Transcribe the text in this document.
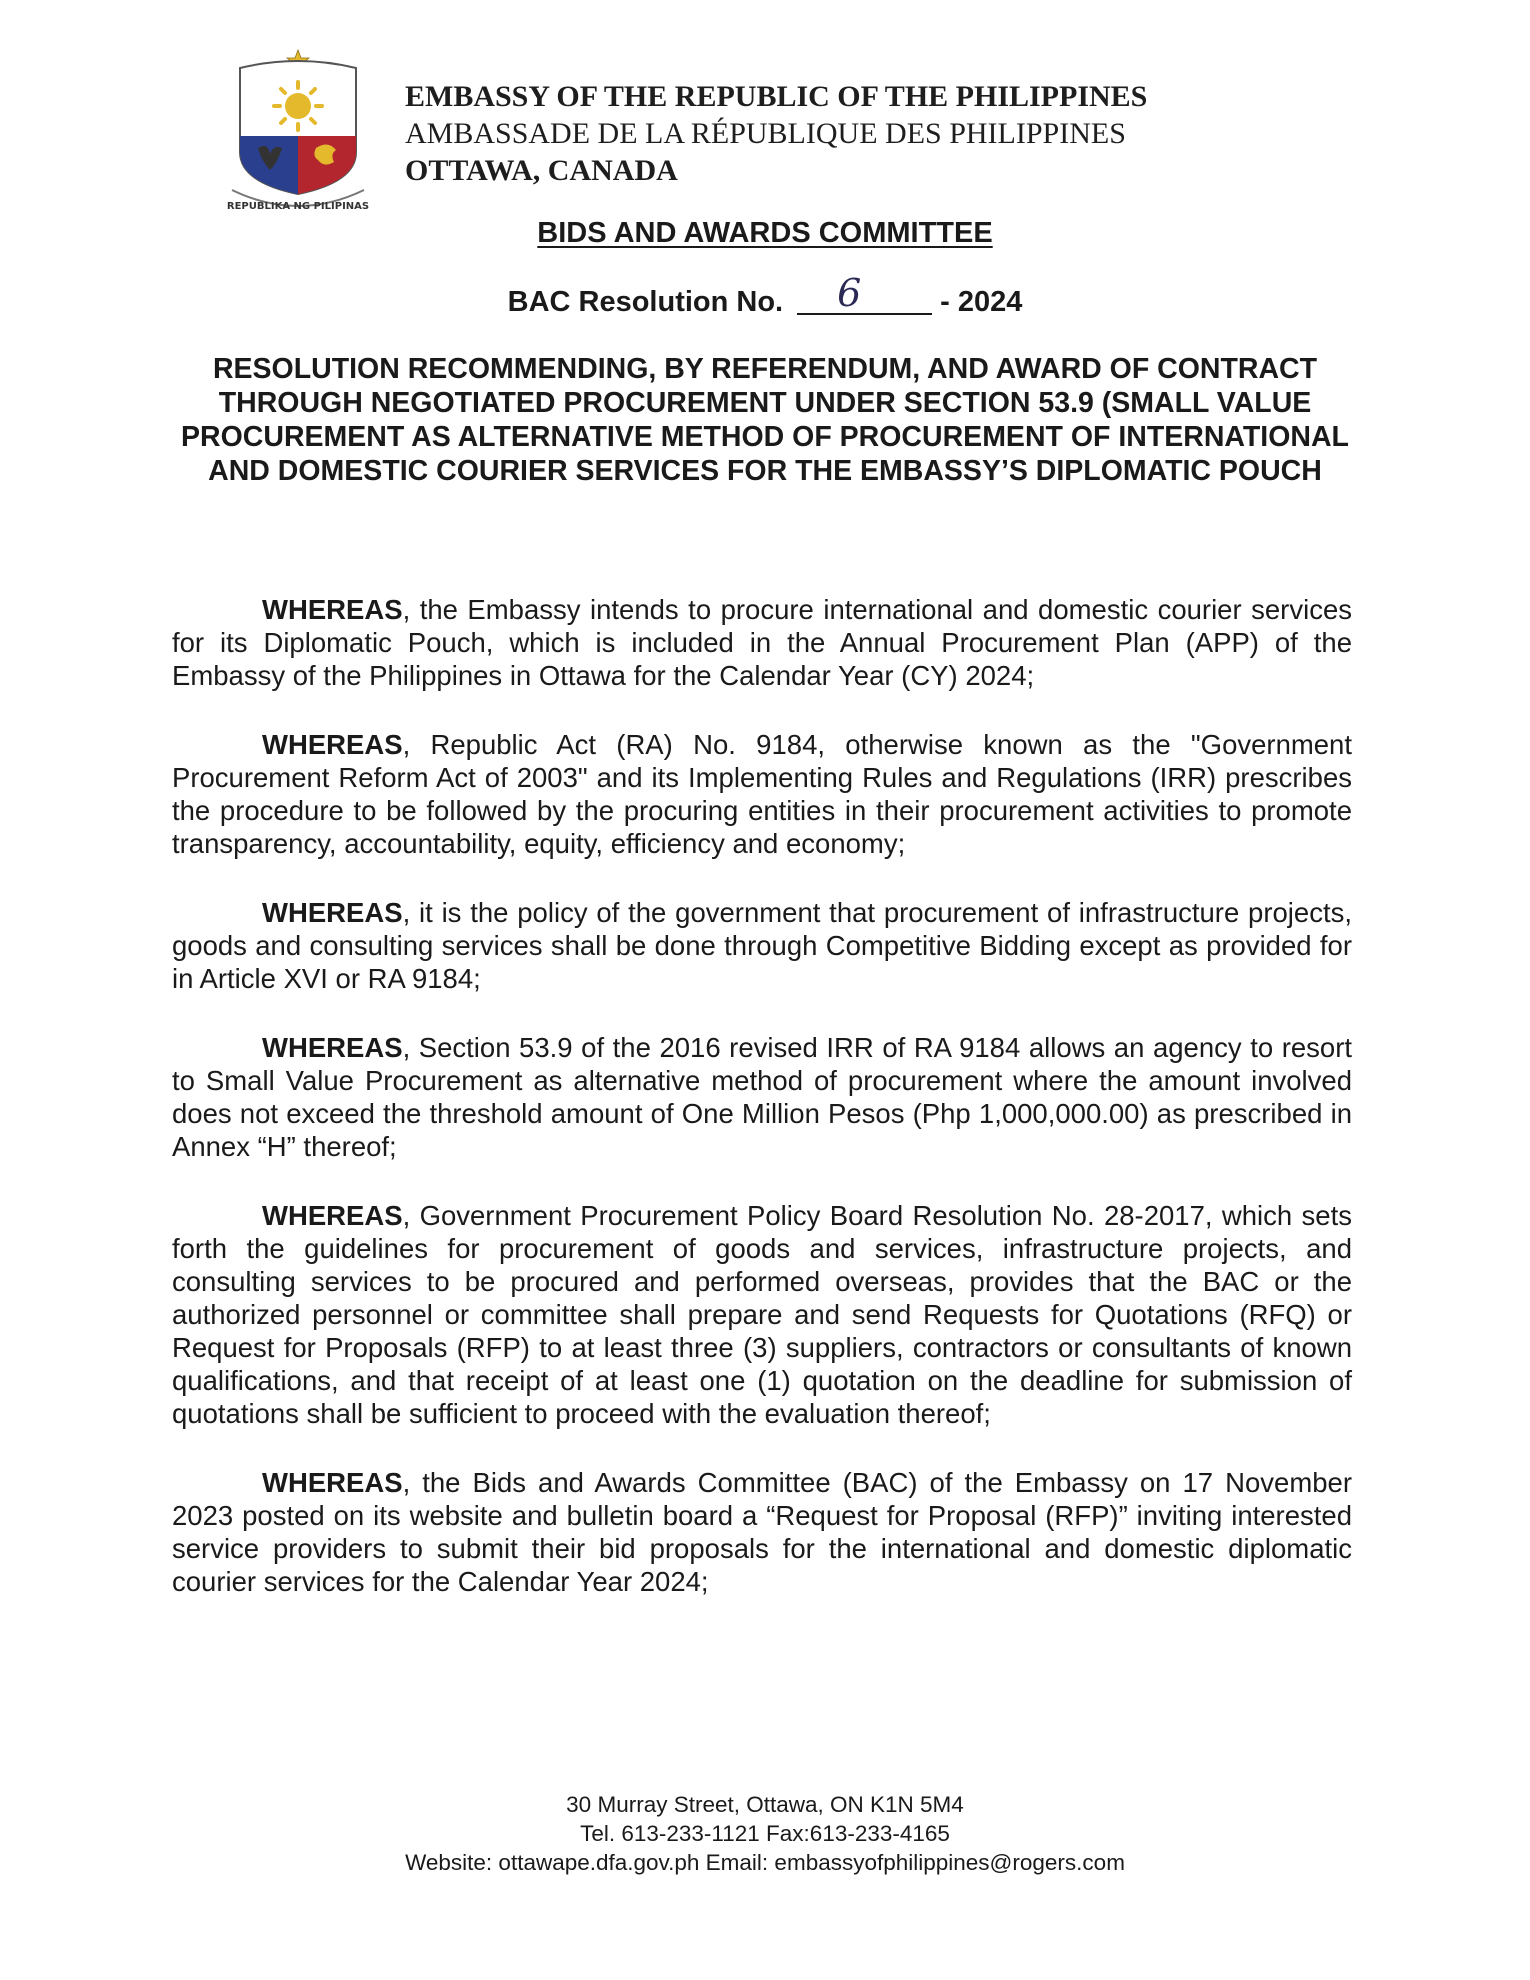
REPUBLIKA NG PILIPINAS
EMBASSY OF THE REPUBLIC OF THE PHILIPPINES
AMBASSADE DE LA RÉPUBLIQUE DES PHILIPPINES
OTTAWA, CANADA
BIDS AND AWARDS COMMITTEE
BAC Resolution No. 6	- 2024
RESOLUTION RECOMMENDING, BY REFERENDUM, AND AWARD OF CONTRACT THROUGH NEGOTIATED PROCUREMENT UNDER SECTION 53.9 (SMALL VALUE PROCUREMENT AS ALTERNATIVE METHOD OF PROCUREMENT OF INTERNATIONAL AND DOMESTIC COURIER SERVICES FOR THE EMBASSY’S DIPLOMATIC POUCH

WHEREAS, the Embassy intends to procure international and domestic courier services for its Diplomatic Pouch, which is included in the Annual Procurement Plan (APP) of the Embassy of the Philippines in Ottawa for the Calendar Year (CY) 2024;

WHEREAS, Republic Act (RA) No. 9184, otherwise known as the "Government Procurement Reform Act of 2003" and its Implementing Rules and Regulations (IRR) prescribes the procedure to be followed by the procuring entities in their procurement activities to promote transparency, accountability, equity, efficiency and economy;

WHEREAS, it is the policy of the government that procurement of infrastructure projects, goods and consulting services shall be done through Competitive Bidding except as provided for in Article XVI or RA 9184;

WHEREAS, Section 53.9 of the 2016 revised IRR of RA 9184 allows an agency to resort to Small Value Procurement as alternative method of procurement where the amount involved does not exceed the threshold amount of One Million Pesos (Php 1,000,000.00) as prescribed in Annex “H” thereof;

WHEREAS, Government Procurement Policy Board Resolution No. 28-2017, which sets forth the guidelines for procurement of goods and services, infrastructure projects, and consulting services to be procured and performed overseas, provides that the BAC or the authorized personnel or committee shall prepare and send Requests for Quotations (RFQ) or Request for Proposals (RFP) to at least three (3) suppliers, contractors or consultants of known qualifications, and that receipt of at least one (1) quotation on the deadline for submission of quotations shall be sufficient to proceed with the evaluation thereof;

WHEREAS, the Bids and Awards Committee (BAC) of the Embassy on 17 November 2023 posted on its website and bulletin board a “Request for Proposal (RFP)” inviting interested service providers to submit their bid proposals for the international and domestic diplomatic courier services for the Calendar Year 2024;

30 Murray Street, Ottawa, ON K1N 5M4
Tel. 613-233-1121 Fax:613-233-4165
Website: ottawape.dfa.gov.ph Email: embassyofphilippines@rogers.com
